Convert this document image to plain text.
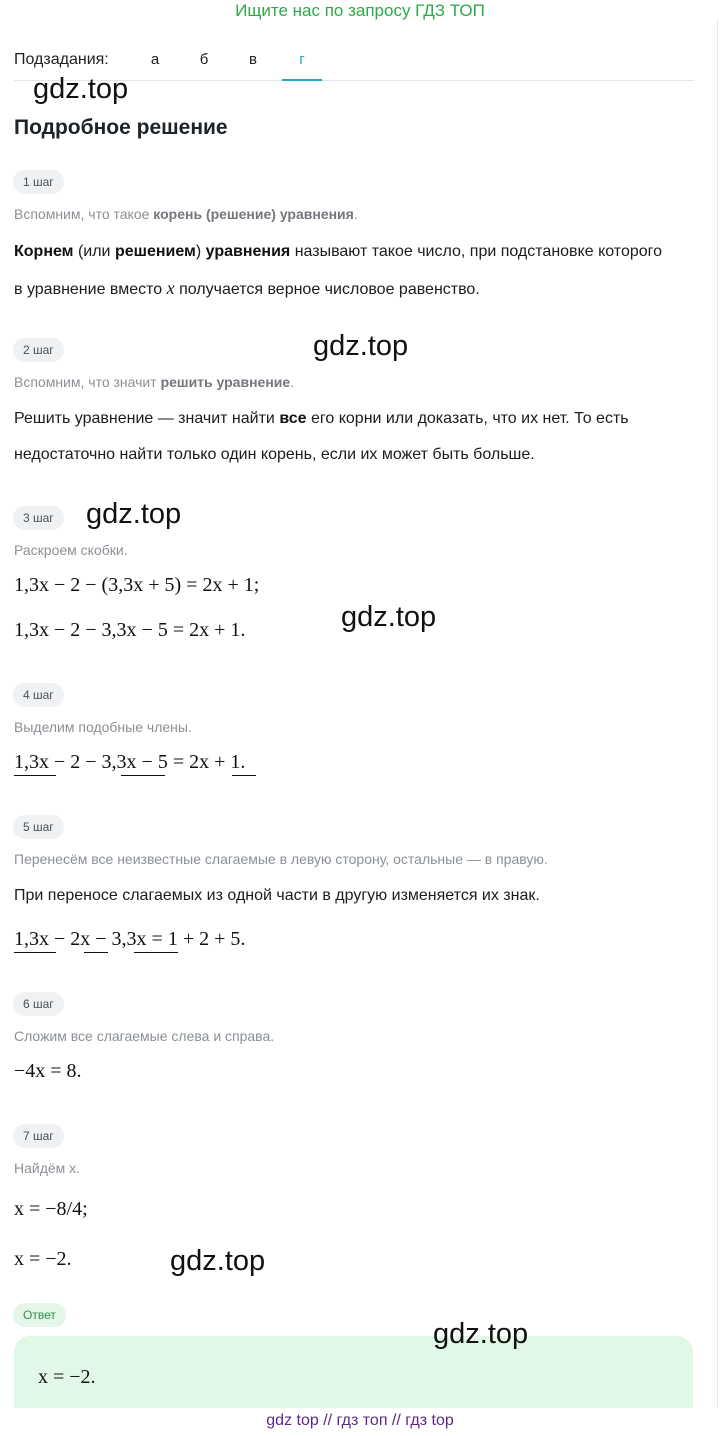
Ищите нас по запросу ГДЗ ТОП
Подзадания:	а	б	в	г
gdz.top
gdz.top
gdz.top
gdz.top
gdz.top
Подробное решение
1 шаг
Вспомним, что такое корень (решение) уравнения.
Корнем (или решением) уравнения называют такое число, при подстановке которого в уравнение вместо x получается верное числовое равенство.
2 шаг
Вспомним, что значит решить уравнение.
Решить уравнение — значит найти все его корни или доказать, что их нет. То есть недостаточно найти только один корень, если их может быть больше.
3 шаг
Раскроем скобки.
1,3x − 2 − (3,3x + 5) = 2x + 1;
1,3x − 2 − 3,3x − 5 = 2x + 1.
4 шаг
Выделим подобные члены.
1,3x − 2 − 3,3x − 5 = 2x + 1.
5 шаг
Перенесём все неизвестные слагаемые в левую сторону, остальные — в правую.
При переносе слагаемых из одной части в другую изменяется их знак.
1,3x − 2x − 3,3x = 1 + 2 + 5.
6 шаг
Сложим все слагаемые слева и справа.
−4x = 8.
7 шаг
Найдём x.
x = −8/4;
x = −2.
Ответ
x = −2.
gdz.top
gdz top // гдз топ // гдз top
